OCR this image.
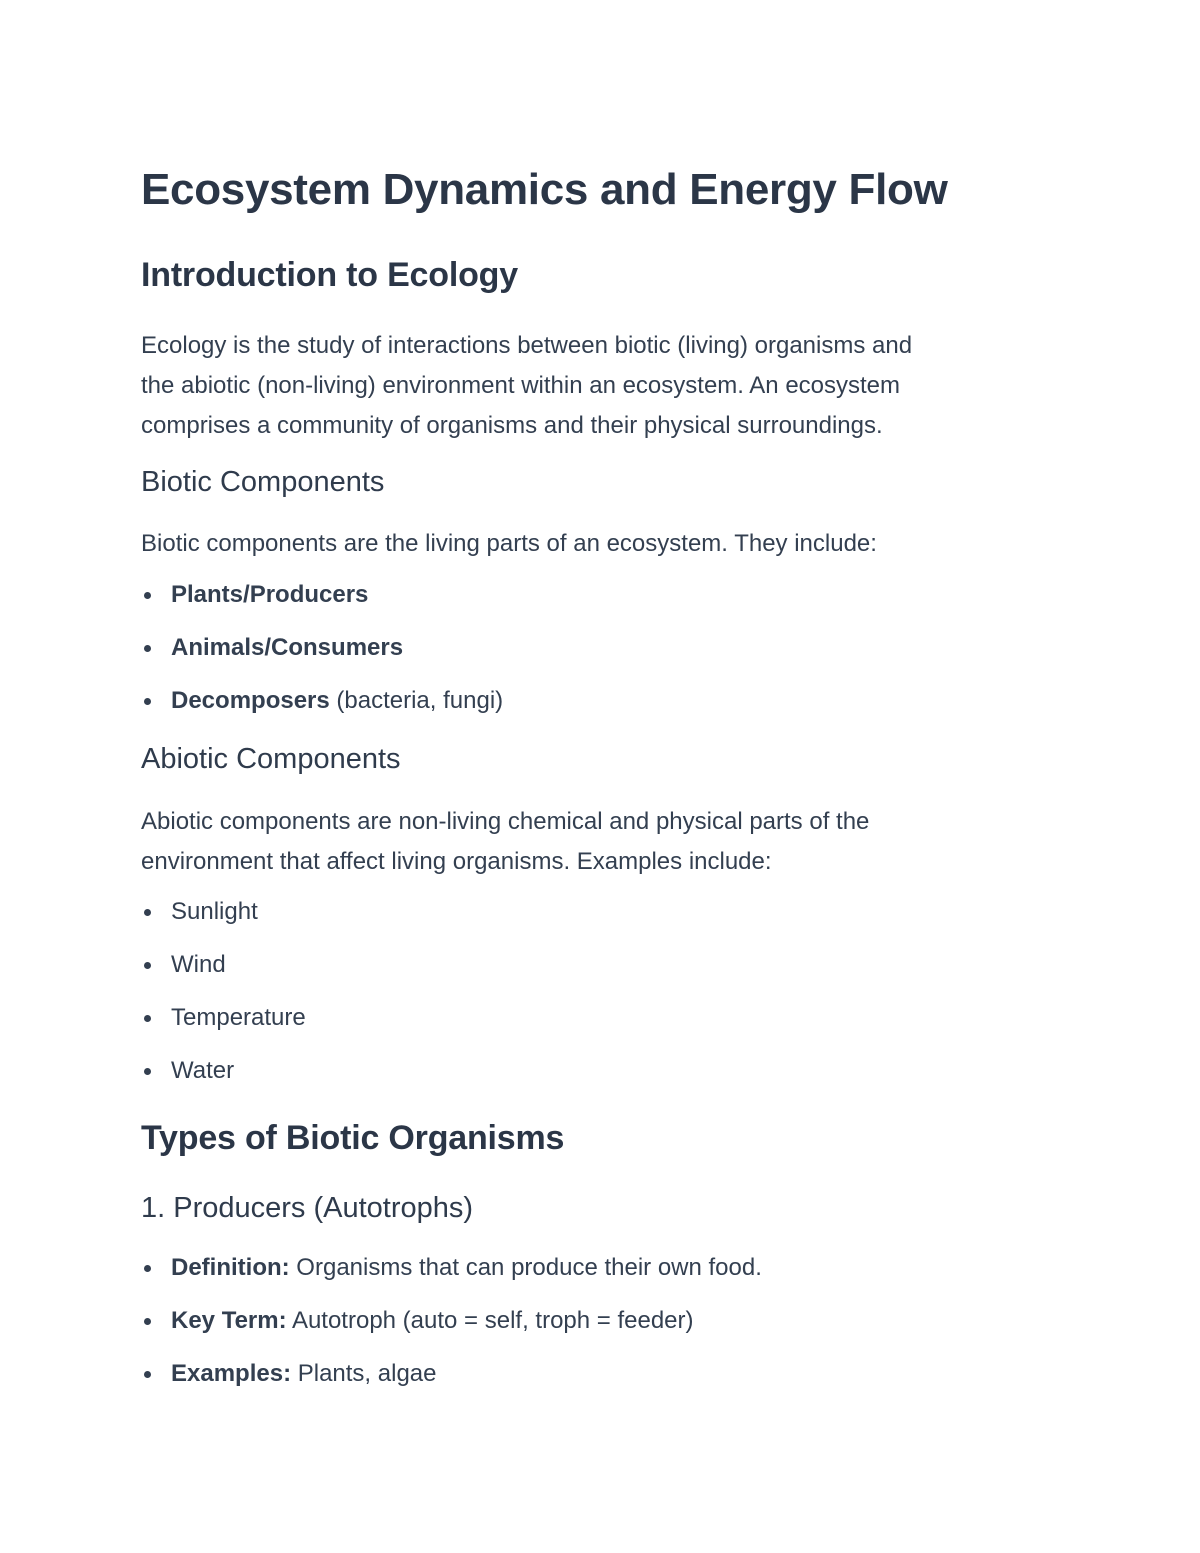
Ecosystem Dynamics and Energy Flow
Introduction to Ecology
Ecology is the study of interactions between biotic (living) organisms and
the abiotic (non-living) environment within an ecosystem. An ecosystem
comprises a community of organisms and their physical surroundings.
Biotic Components
Biotic components are the living parts of an ecosystem. They include:
Plants/Producers
Animals/Consumers
Decomposers (bacteria, fungi)
Abiotic Components
Abiotic components are non-living chemical and physical parts of the
environment that affect living organisms. Examples include:
Sunlight
Wind
Temperature
Water
Types of Biotic Organisms
1. Producers (Autotrophs)
Definition: Organisms that can produce their own food.
Key Term: Autotroph (auto = self, troph = feeder)
Examples: Plants, algae
